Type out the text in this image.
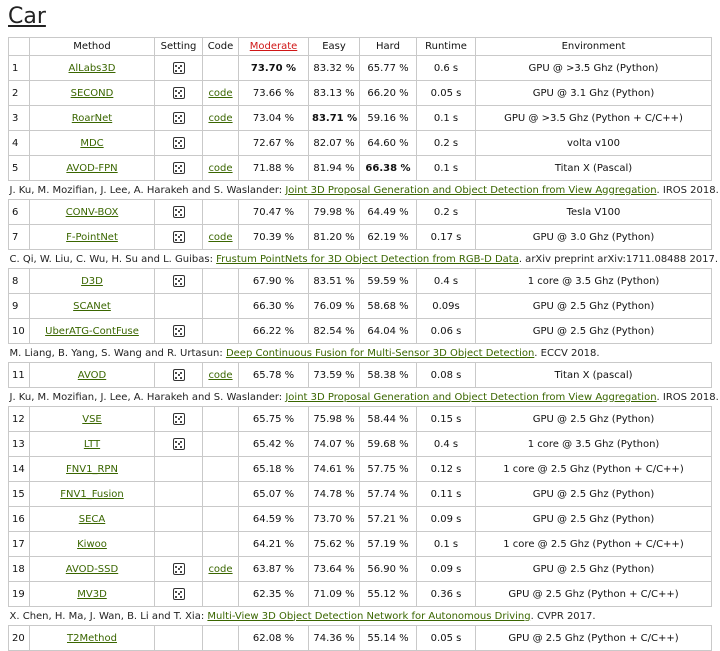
Car
	Method	Setting	Code	Moderate	Easy	Hard	Runtime	Environment
1	AlLabs3D			73.70 %	83.32 %	65.77 %	0.6 s	GPU @ >3.5 Ghz (Python)
2	SECOND		code	73.66 %	83.13 %	66.20 %	0.05 s	GPU @ 3.1 Ghz (Python)
3	RoarNet		code	73.04 %	83.71 %	59.16 %	0.1 s	GPU @ >3.5 Ghz (Python + C/C++)
4	MDC			72.67 %	82.07 %	64.60 %	0.2 s	volta v100
5	AVOD-FPN		code	71.88 %	81.94 %	66.38 %	0.1 s	Titan X (Pascal)
J. Ku, M. Mozifian, J. Lee, A. Harakeh and S. Waslander: Joint 3D Proposal Generation and Object Detection from View Aggregation. IROS 2018.								
6	CONV-BOX			70.47 %	79.98 %	64.49 %	0.2 s	Tesla V100
7	F-PointNet		code	70.39 %	81.20 %	62.19 %	0.17 s	GPU @ 3.0 Ghz (Python)
C. Qi, W. Liu, C. Wu, H. Su and L. Guibas: Frustum PointNets for 3D Object Detection from RGB-D Data. arXiv preprint arXiv:1711.08488 2017.								
8	D3D			67.90 %	83.51 %	59.59 %	0.4 s	1 core @ 3.5 Ghz (Python)
9	SCANet			66.30 %	76.09 %	58.68 %	0.09s	GPU @ 2.5 Ghz (Python)
10	UberATG-ContFuse			66.22 %	82.54 %	64.04 %	0.06 s	GPU @ 2.5 Ghz (Python)
M. Liang, B. Yang, S. Wang and R. Urtasun: Deep Continuous Fusion for Multi-Sensor 3D Object Detection. ECCV 2018.								
11	AVOD		code	65.78 %	73.59 %	58.38 %	0.08 s	Titan X (pascal)
J. Ku, M. Mozifian, J. Lee, A. Harakeh and S. Waslander: Joint 3D Proposal Generation and Object Detection from View Aggregation. IROS 2018.								
12	VSE			65.75 %	75.98 %	58.44 %	0.15 s	GPU @ 2.5 Ghz (Python)
13	LTT			65.42 %	74.07 %	59.68 %	0.4 s	1 core @ 3.5 Ghz (Python)
14	FNV1_RPN			65.18 %	74.61 %	57.75 %	0.12 s	1 core @ 2.5 Ghz (Python + C/C++)
15	FNV1_Fusion			65.07 %	74.78 %	57.74 %	0.11 s	GPU @ 2.5 Ghz (Python)
16	SECA			64.59 %	73.70 %	57.21 %	0.09 s	GPU @ 2.5 Ghz (Python)
17	Kiwoo			64.21 %	75.62 %	57.19 %	0.1 s	1 core @ 2.5 Ghz (Python + C/C++)
18	AVOD-SSD		code	63.87 %	73.64 %	56.90 %	0.09 s	GPU @ 2.5 Ghz (Python)
19	MV3D			62.35 %	71.09 %	55.12 %	0.36 s	GPU @ 2.5 Ghz (Python + C/C++)
X. Chen, H. Ma, J. Wan, B. Li and T. Xia: Multi-View 3D Object Detection Network for Autonomous Driving. CVPR 2017.								
20	T2Method			62.08 %	74.36 %	55.14 %	0.05 s	GPU @ 2.5 Ghz (Python + C/C++)
